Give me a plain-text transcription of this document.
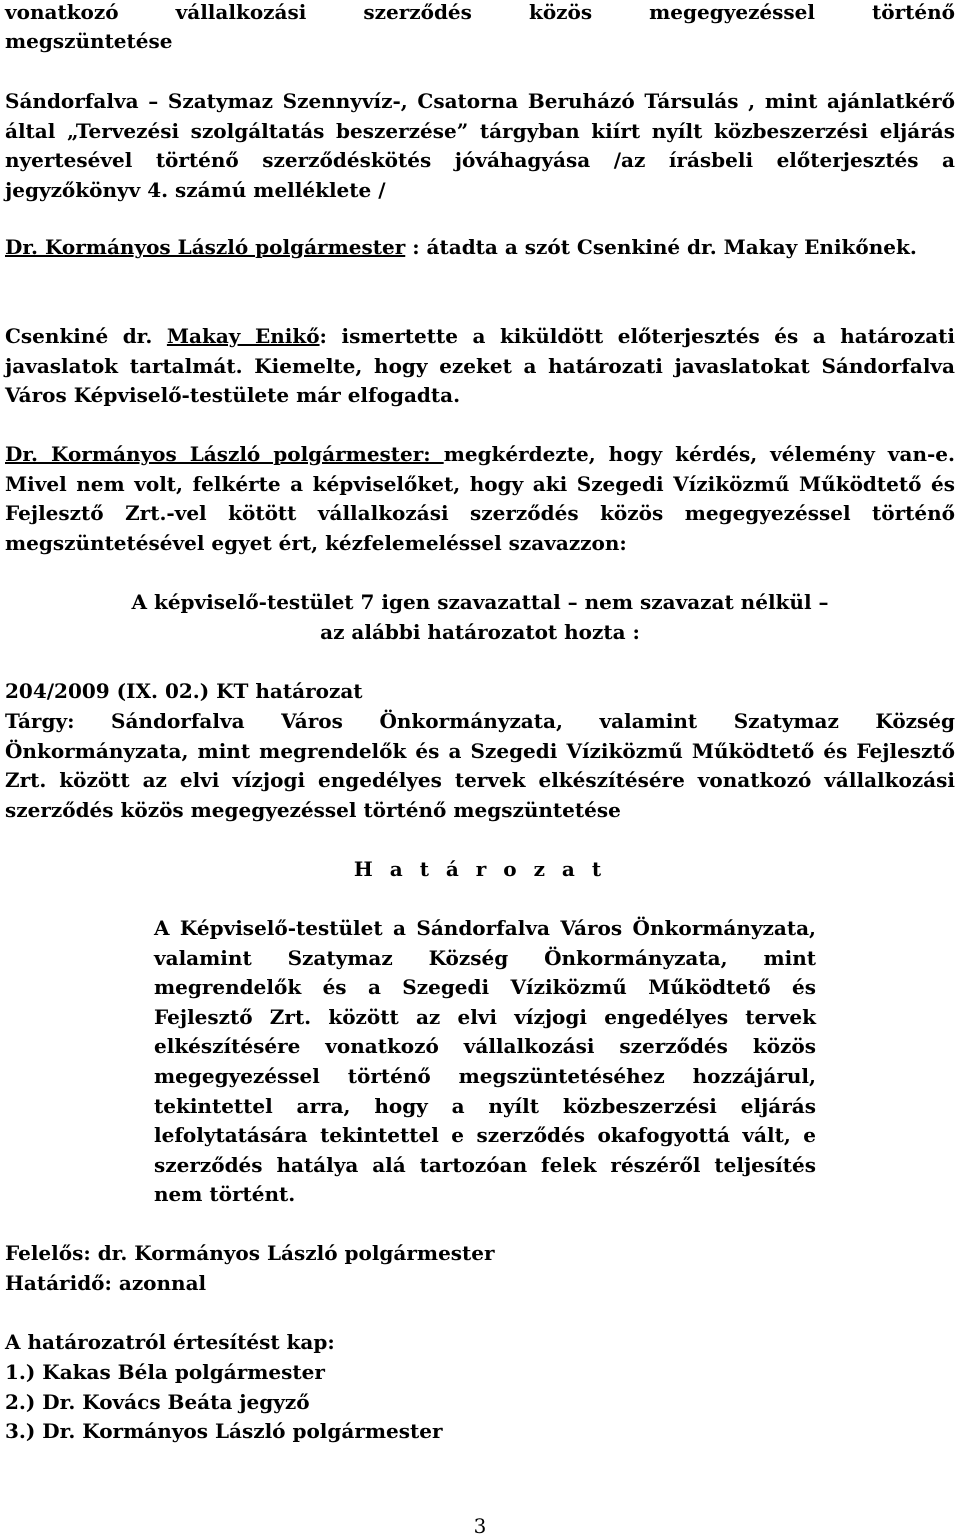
vonatkozó vállalkozási szerződés közös megegyezéssel történő

megszüntetése

Sándorfalva – Szatymaz Szennyvíz-, Csatorna Beruházó Társulás , mint ajánlatkérő által „Tervezési szolgáltatás beszerzése” tárgyban kiírt nyílt közbeszerzési eljárás nyertesével történő szerződéskötés jóváhagyása /az írásbeli előterjesztés a jegyzőkönyv 4. számú melléklete /

Dr. Kormányos László polgármester : átadta a szót Csenkiné dr. Makay Enikőnek.

Csenkiné dr. Makay Enikő: ismertette a kiküldött előterjesztés és a határozati javaslatok tartalmát. Kiemelte, hogy ezeket a határozati javaslatokat Sándorfalva Város Képviselő-testülete már elfogadta.

Dr. Kormányos László polgármester: megkérdezte, hogy kérdés, vélemény van-e. Mivel nem volt, felkérte a képviselőket, hogy aki Szegedi Víziközmű Működtető és Fejlesztő Zrt.-vel kötött vállalkozási szerződés közös megegyezéssel történő megszüntetésével egyet ért, kézfelemeléssel szavazzon:

A képviselő-testület 7 igen szavazattal – nem szavazat nélkül –

az alábbi határozatot hozta :

204/2009 (IX. 02.) KT határozat

Tárgy: Sándorfalva Város Önkormányzata, valamint Szatymaz Község Önkormányzata, mint megrendelők és a Szegedi Víziközmű Működtető és Fejlesztő Zrt. között az elvi vízjogi engedélyes tervek elkészítésére vonatkozó vállalkozási szerződés közös megegyezéssel történő megszüntetése

H a t á r o z a t

A Képviselő-testület a Sándorfalva Város Önkormányzata, valamint Szatymaz Község Önkormányzata, mint megrendelők és a Szegedi Víziközmű Működtető és Fejlesztő Zrt. között az elvi vízjogi engedélyes tervek elkészítésére vonatkozó vállalkozási szerződés közös megegyezéssel történő megszüntetéséhez hozzájárul, tekintettel arra, hogy a nyílt közbeszerzési eljárás lefolytatására tekintettel e szerződés okafogyottá vált, e szerződés hatálya alá tartozóan felek részéről teljesítés nem történt.

Felelős: dr. Kormányos László polgármester

Határidő: azonnal

A határozatról értesítést kap:

1.) Kakas Béla polgármester

2.) Dr. Kovács Beáta jegyző

3.) Dr. Kormányos László polgármester

3
